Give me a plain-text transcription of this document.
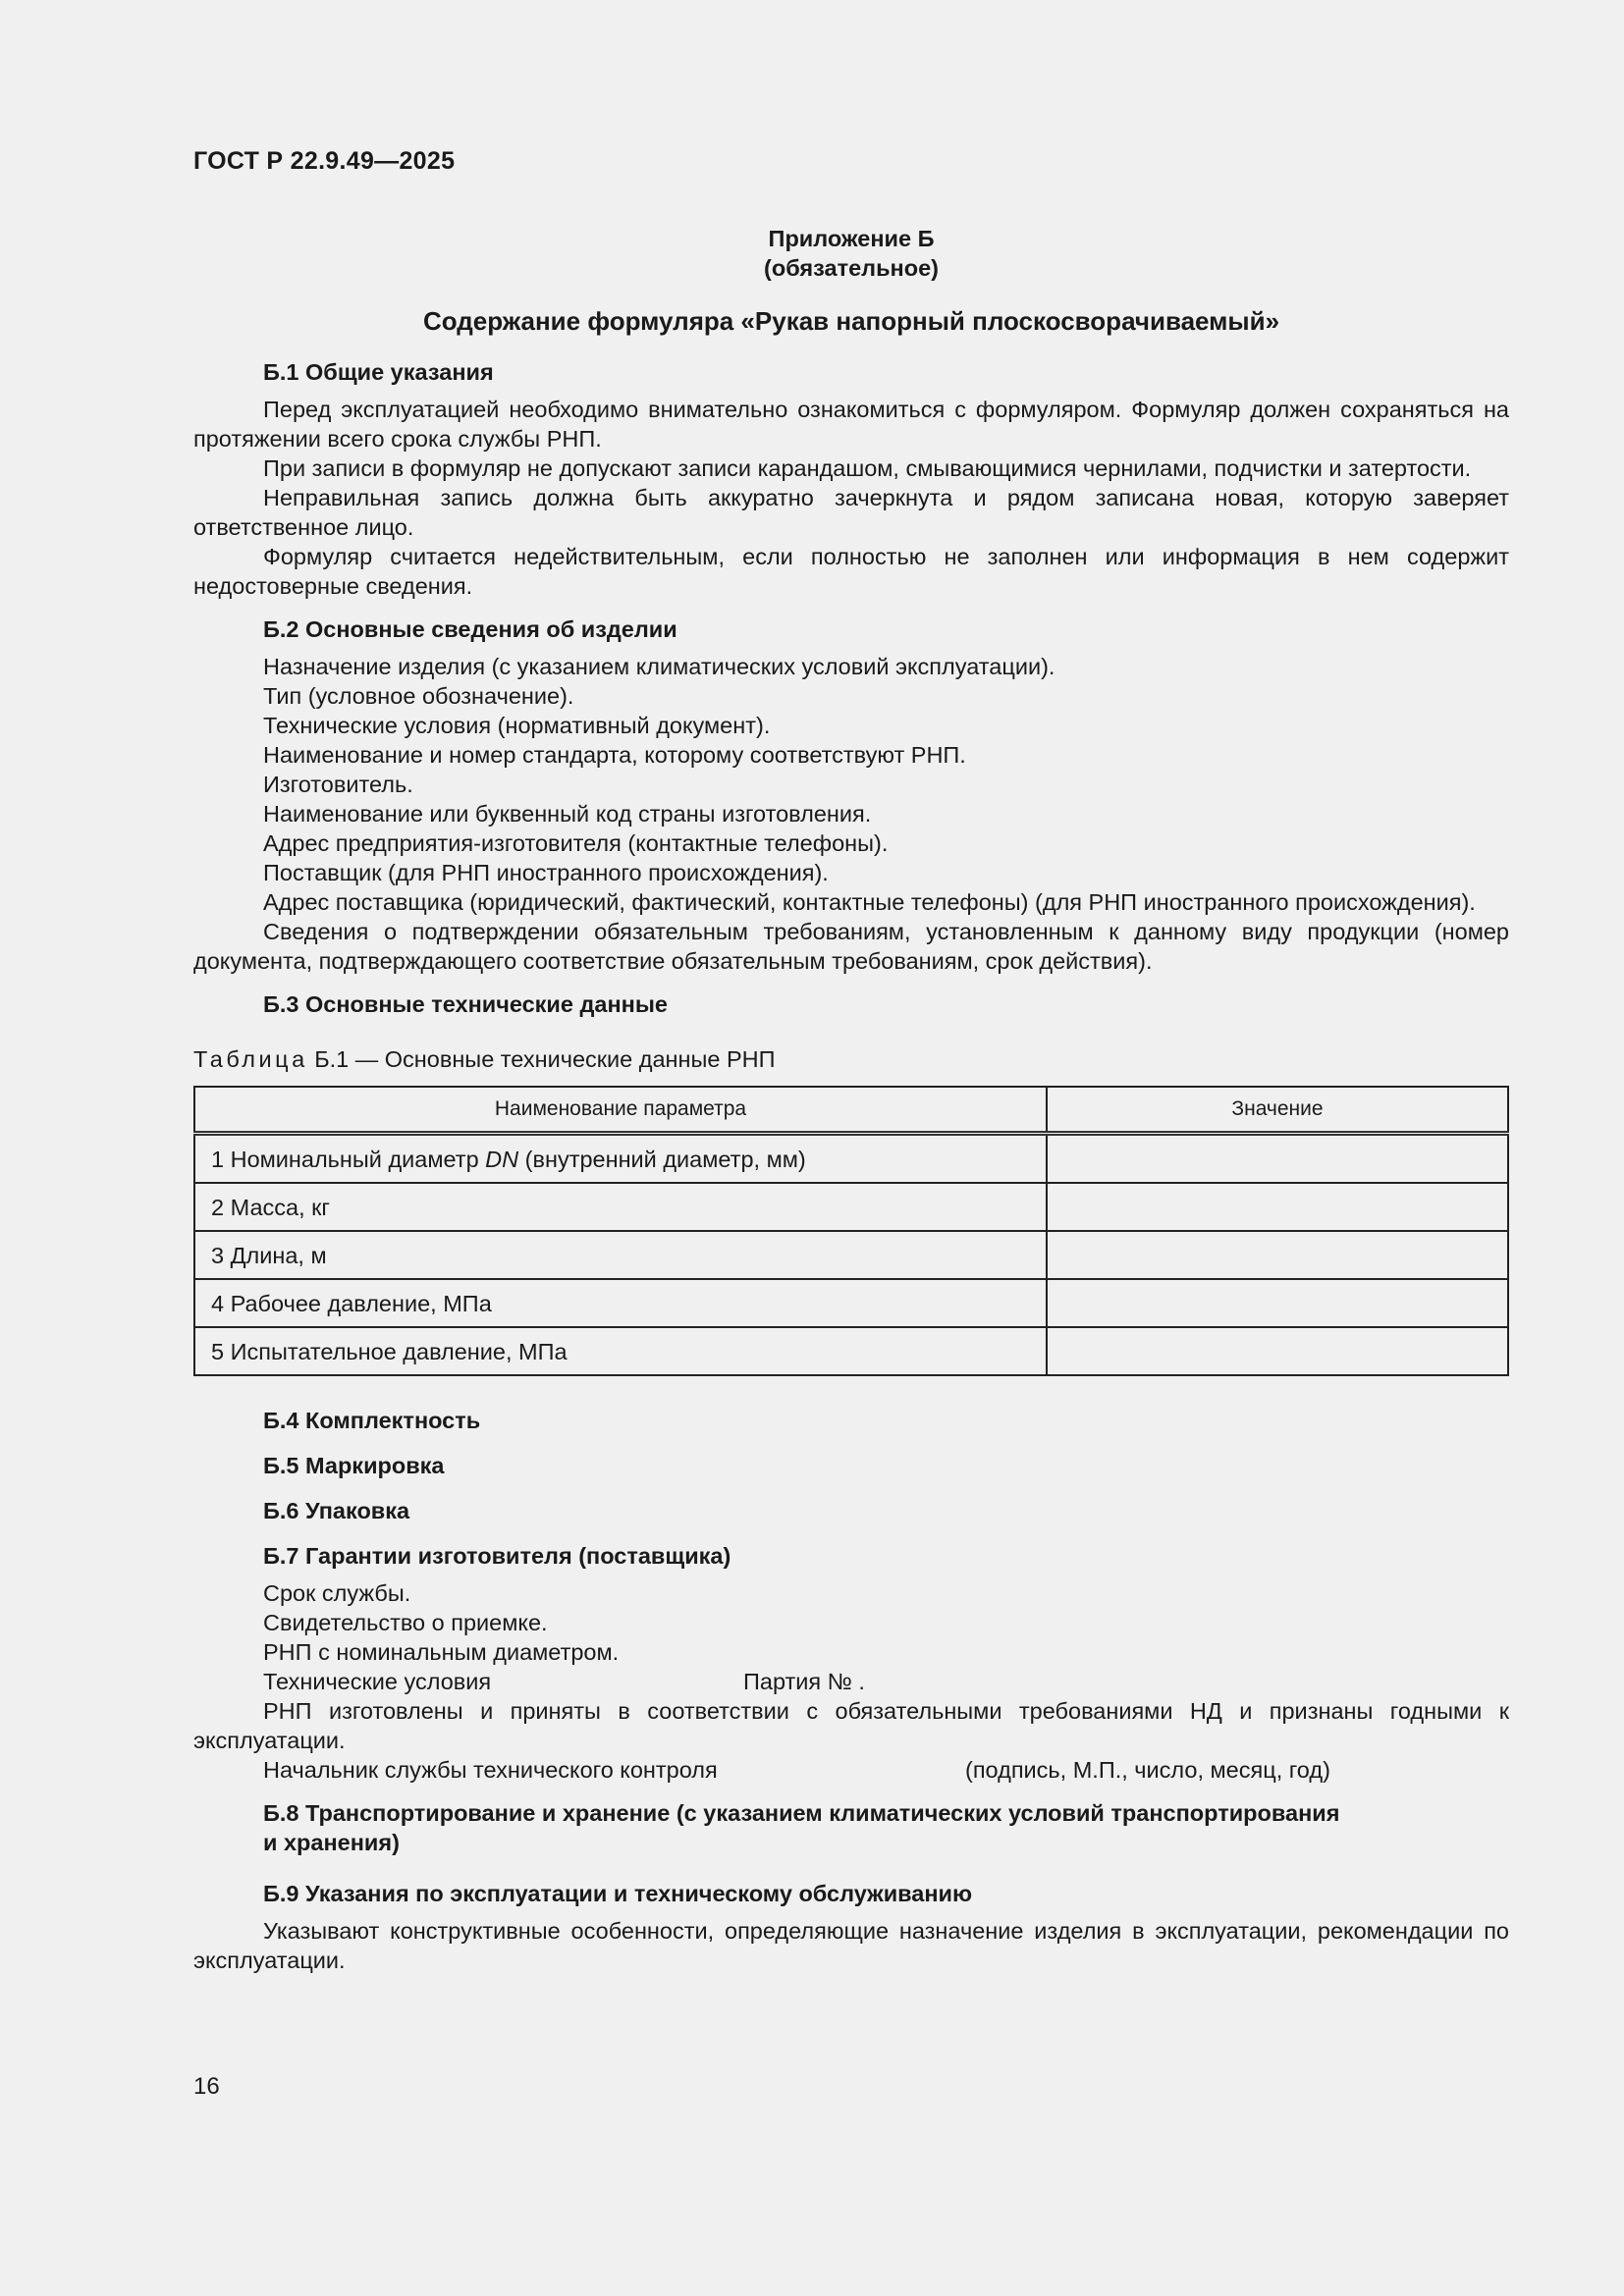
ГОСТ Р 22.9.49—2025
Приложение Б
(обязательное)
Содержание формуляра «Рукав напорный плоскосворачиваемый»
Б.1 Общие указания

Перед эксплуатацией необходимо внимательно ознакомиться с формуляром. Формуляр должен сохраняться на протяжении всего срока службы РНП.

При записи в формуляр не допускают записи карандашом, смывающимися чернилами, подчистки и затертости.

Неправильная запись должна быть аккуратно зачеркнута и рядом записана новая, которую заверяет ответственное лицо.

Формуляр считается недействительным, если полностью не заполнен или информация в нем содержит недостоверные сведения.

Б.2 Основные сведения об изделии

Назначение изделия (с указанием климатических условий эксплуатации).

Тип (условное обозначение).

Технические условия (нормативный документ).

Наименование и номер стандарта, которому соответствуют РНП.

Изготовитель.

Наименование или буквенный код страны изготовления.

Адрес предприятия-изготовителя (контактные телефоны).

Поставщик (для РНП иностранного происхождения).

Адрес поставщика (юридический, фактический, контактные телефоны) (для РНП иностранного происхождения).

Сведения о подтверждении обязательным требованиям, установленным к данному виду продукции (номер документа, подтверждающего соответствие обязательным требованиям, срок действия).

Б.3 Основные технические данные
Таблица Б.1 — Основные технические данные РНП
Наименование параметра	Значение
1 Номинальный диаметр DN (внутренний диаметр, мм)	
2 Масса, кг	
3 Длина, м	
4 Рабочее давление, МПа	
5 Испытательное давление, МПа	
Б.4 Комплектность
Б.5 Маркировка
Б.6 Упаковка
Б.7 Гарантии изготовителя (поставщика)

Срок службы.

Свидетельство о приемке.

РНП с номинальным диаметром.

Технические условия	Партия № .

РНП изготовлены и приняты в соответствии с обязательными требованиями НД и признаны годными к эксплуатации.

Начальник службы технического контроля	(подпись, М.П., число, месяц, год)

Б.8 Транспортирование и хранение (с указанием климатических условий транспортирования
и хранения)
Б.9 Указания по эксплуатации и техническому обслуживанию

Указывают конструктивные особенности, определяющие назначение изделия в эксплуатации, рекомендации по эксплуатации.

16
